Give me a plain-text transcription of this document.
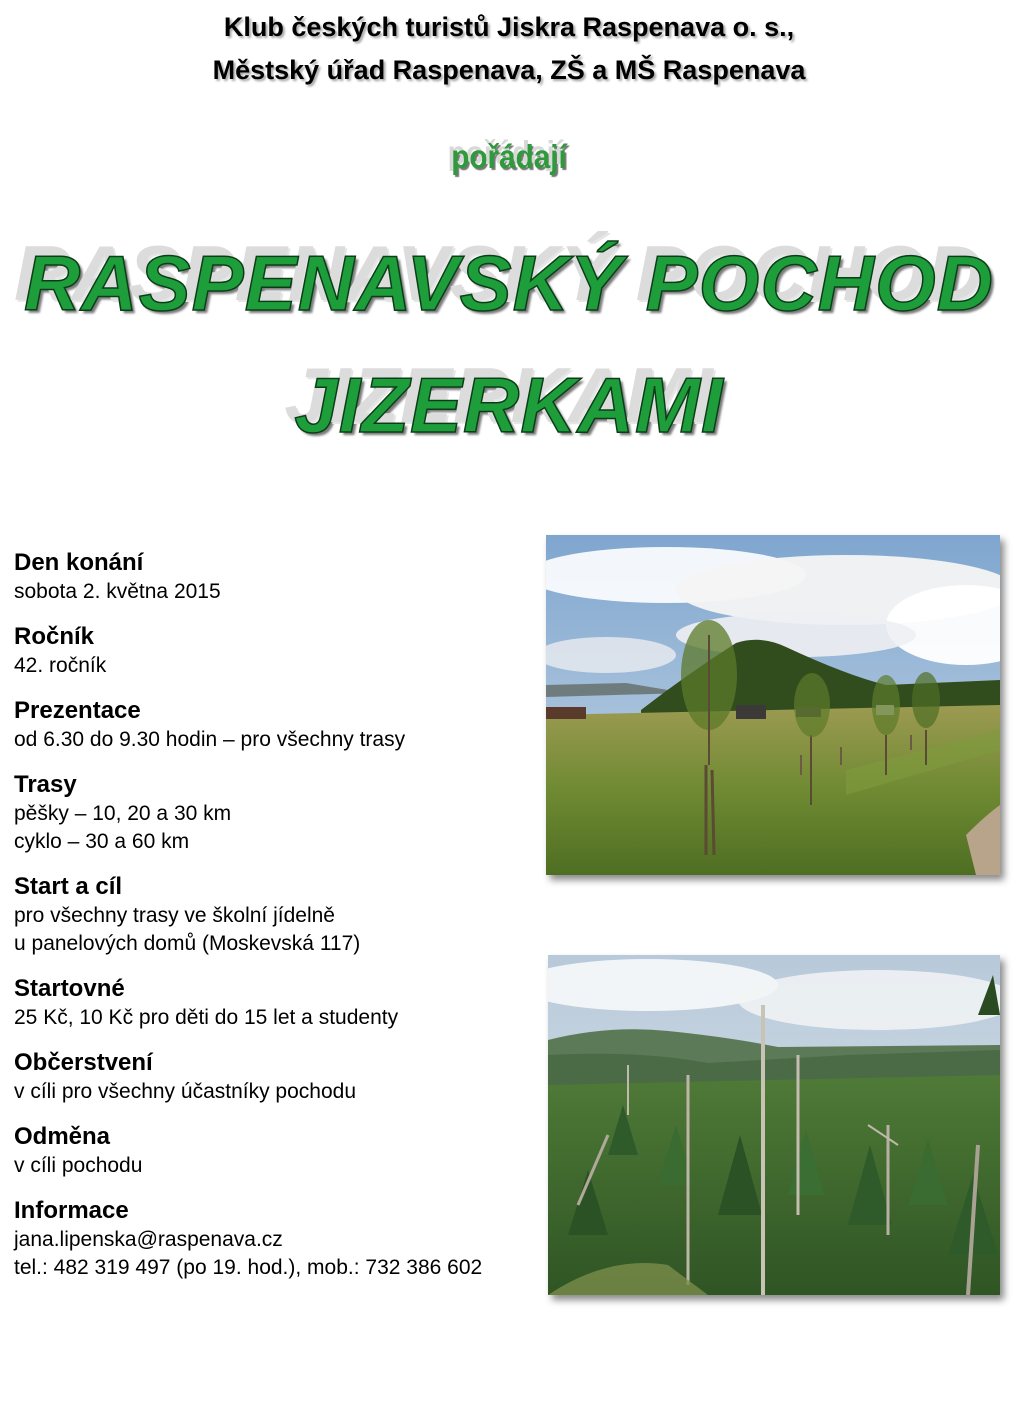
Klub českých turistů Jiskra Raspenava o. s.,
Městský úřad Raspenava, ZŠ a MŠ Raspenava
pořádají
RASPENAVSKÝ POCHOD
JIZERKAMI
Den konání
sobota 2. května 2015
Ročník
42. ročník
Prezentace
od 6.30 do 9.30 hodin – pro všechny trasy
Trasy
pěšky – 10, 20 a 30 km
cyklo – 30 a 60 km
Start a cíl
pro všechny trasy ve školní jídelně
u panelových domů (Moskevská 117)
Startovné
25 Kč, 10 Kč pro děti do 15 let a studenty
Občerstvení
v cíli pro všechny účastníky pochodu
Odměna
v cíli pochodu
Informace
jana.lipenska@raspenava.cz
tel.: 482 319 497 (po 19. hod.), mob.: 732 386 602
